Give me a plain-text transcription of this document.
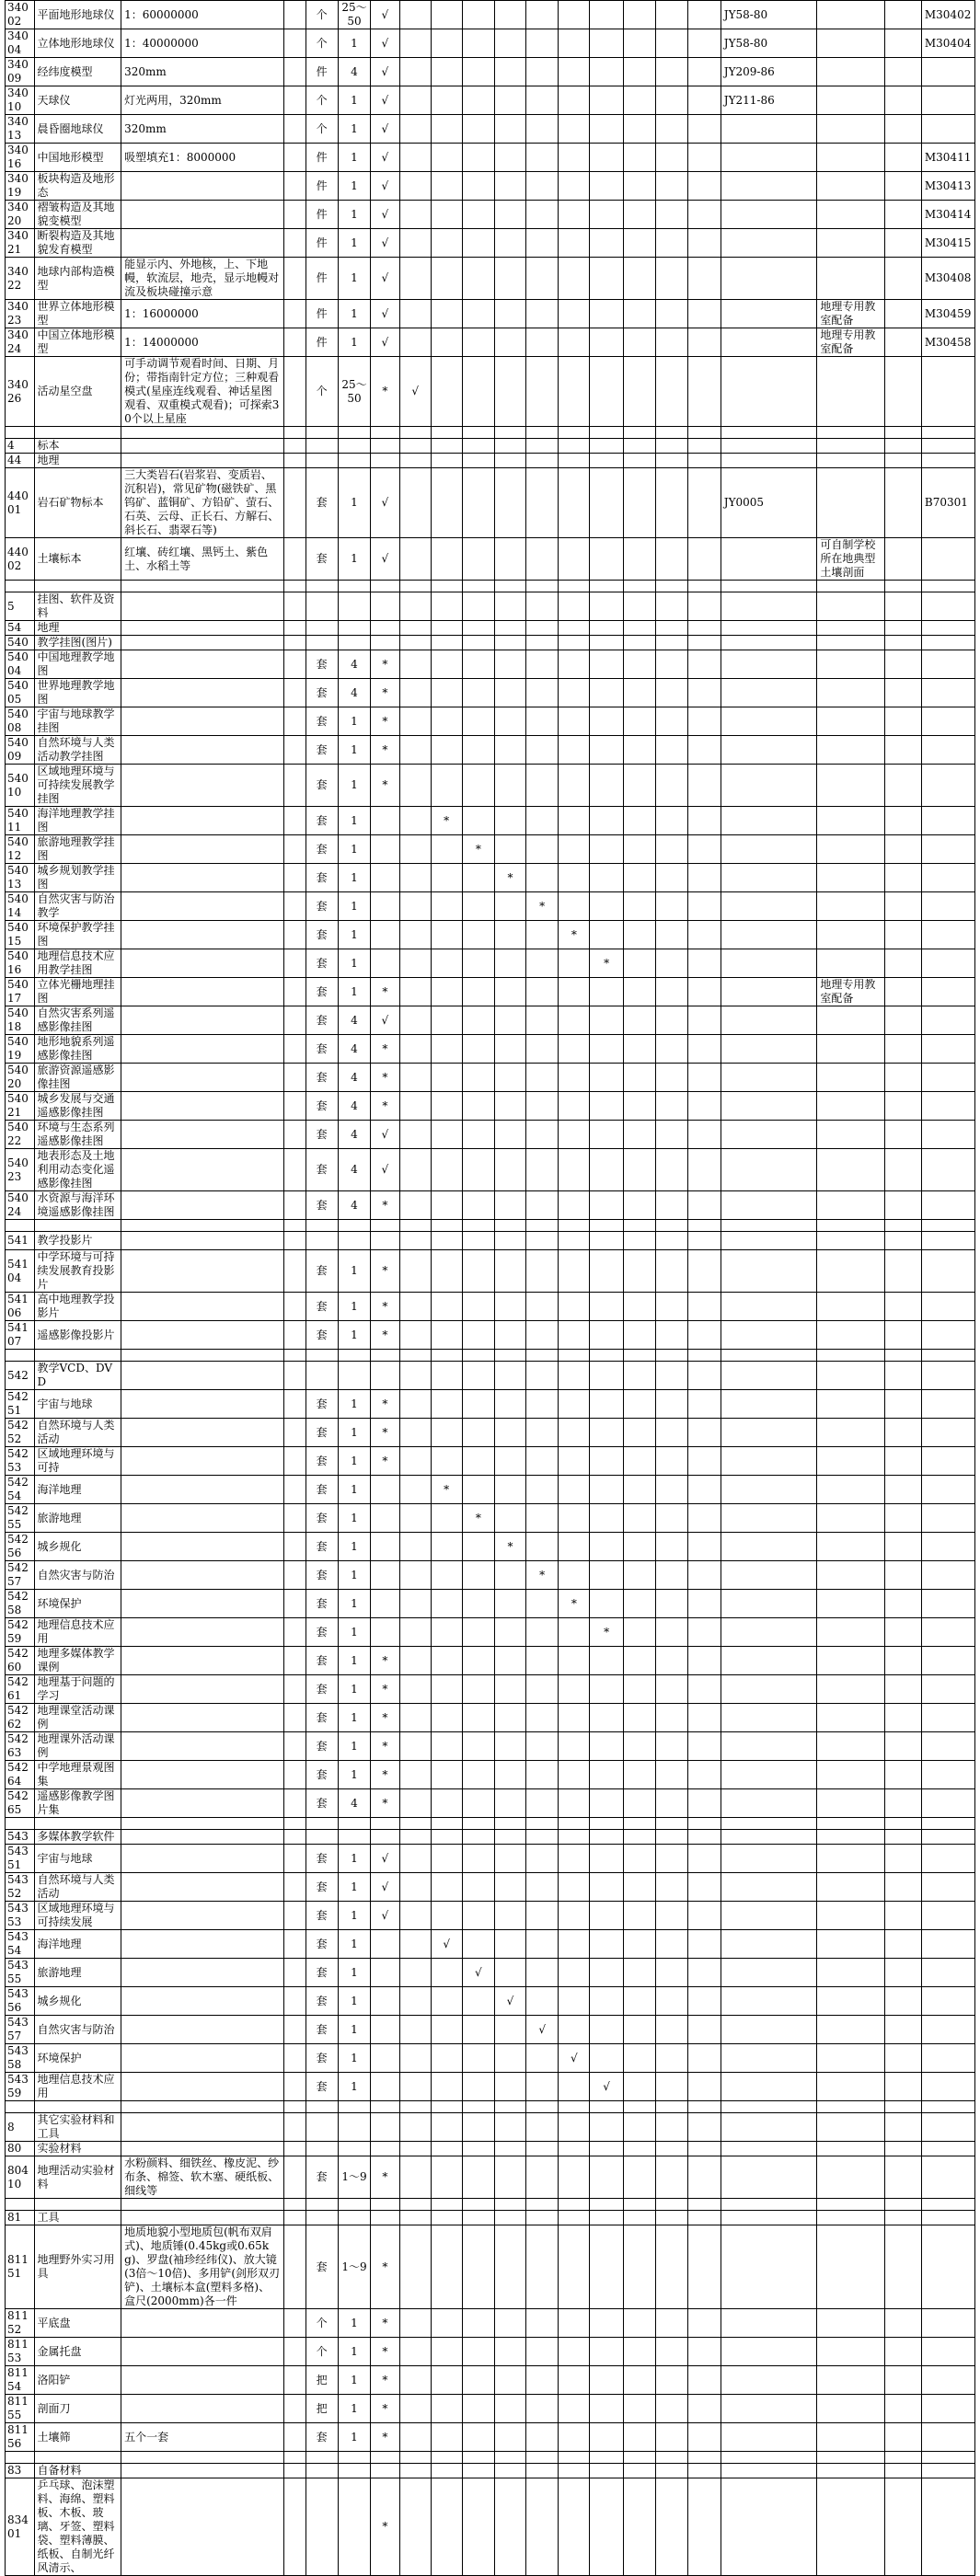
34002	平面地形地球仪	1：60000000		个	25～50	√											JY58-80			M30402
34004	立体地形地球仪	1：40000000		个	1	√											JY58-80			M30404
34009	经纬度模型	320mm		件	4	√											JY209-86			
34010	天球仪	灯光两用，320mm		个	1	√											JY211-86			
34013	晨昏圈地球仪	320mm		个	1	√														
34016	中国地形模型	吸塑填充1：8000000		件	1	√														M30411
34019	板块构造及地形态			件	1	√														M30413
34020	褶皱构造及其地貌变模型			件	1	√														M30414
34021	断裂构造及其地貌发育模型			件	1	√														M30415
34022	地球内部构造模型	能显示内、外地核，上、下地幔，软流层，地壳，显示地幔对流及板块碰撞示意		件	1	√														M30408
34023	世界立体地形模型	1：16000000		件	1	√												地理专用教室配备		M30459
34024	中国立体地形模型	1：14000000		件	1	√												地理专用教室配备		M30458
34026	活动星空盘	可手动调节观看时间、日期、月份；带指南针定方位；三种观看模式(星座连线观看、神话星图观看、双重模式观看)；可探索30个以上星座		个	25～50	*	√													

4	标本																			
44	地理																			
44001	岩石矿物标本	三大类岩石(岩浆岩、变质岩、沉积岩)，常见矿物(磁铁矿、黑钨矿、蓝铜矿、方铅矿、萤石、石英、云母、正长石、方解石、斜长石、翡翠石等)		套	1	√											JY0005			B70301
44002	土壤标本	红壤、砖红壤、黑钙土、紫色土、水稻土等		套	1	√												可自制学校所在地典型土壤剖面		

5	挂图、软件及资料																			
54	地理																			
540	教学挂图(图片)																			
54004	中国地理教学地图			套	4	*														
54005	世界地理教学地图			套	4	*														
54008	宇宙与地球教学挂图			套	1	*														
54009	自然环境与人类活动教学挂图			套	1	*														
54010	区域地理环境与可持续发展教学挂图			套	1	*														
54011	海洋地理教学挂图			套	1			*												
54012	旅游地理教学挂图			套	1				*											
54013	城乡规划教学挂图			套	1					*										
54014	自然灾害与防治教学			套	1						*									
54015	环境保护教学挂图			套	1							*								
54016	地理信息技术应用教学挂图			套	1								*							
54017	立体光栅地理挂图			套	1	*												地理专用教室配备		
54018	自然灾害系列遥感影像挂图			套	4	√														
54019	地形地貌系列遥感影像挂图			套	4	*														
54020	旅游资源遥感影像挂图			套	4	*														
54021	城乡发展与交通遥感影像挂图			套	4	*														
54022	环境与生态系列遥感影像挂图			套	4	√														
54023	地表形态及土地利用动态变化遥感影像挂图			套	4	√														
54024	水资源与海洋环境遥感影像挂图			套	4	*														

541	教学投影片																			
54104	中学环境与可持续发展教育投影片			套	1	*														
54106	高中地理教学投影片			套	1	*														
54107	遥感影像投影片			套	1	*														

542	教学VCD、DVD																			
54251	宇宙与地球			套	1	*														
54252	自然环境与人类活动			套	1	*														
54253	区域地理环境与可持			套	1	*														
54254	海洋地理			套	1			*												
54255	旅游地理			套	1				*											
54256	城乡规化			套	1					*										
54257	自然灾害与防治			套	1						*									
54258	环境保护			套	1							*								
54259	地理信息技术应用			套	1								*							
54260	地理多媒体教学课例			套	1	*														
54261	地理基于问题的学习			套	1	*														
54262	地理课堂活动课例			套	1	*														
54263	地理课外活动课例			套	1	*														
54264	中学地理景观图集			套	1	*														
54265	遥感影像教学图片集			套	4	*														

543	多媒体教学软件																			
54351	宇宙与地球			套	1	√														
54352	自然环境与人类活动			套	1	√														
54353	区域地理环境与可持续发展			套	1	√														
54354	海洋地理			套	1			√												
54355	旅游地理			套	1				√											
54356	城乡规化			套	1					√										
54357	自然灾害与防治			套	1						√									
54358	环境保护			套	1							√								
54359	地理信息技术应用			套	1								√							

8	其它实验材料和工具																			
80	实验材料																			
80410	地理活动实验材料	水粉颜料、细铁丝、橡皮泥、纱布条、棉签、软木塞、硬纸板、细线等		套	1～9	*														

81	工具																			
81151	地理野外实习用具	地质地貌小型地质包(帆布双肩式)、地质锤(0.45kg或0.65kg)、罗盘(袖珍经纬仪)、放大镜(3倍～10倍)、多用铲(剑形双刃铲)、土壤标本盒(塑料多格)、盒尺(2000mm)各一件		套	1～9	*														
81152	平底盘			个	1	*														
81153	金属托盘			个	1	*														
81154	洛阳铲			把	1	*														
81155	剖面刀			把	1	*														
81156	土壤筛	五个一套		套	1	*														

83	自备材料																			
83401	乒乓球、泡沫塑料、海绵、塑料板、木板、玻璃、牙签、塑料袋、塑料薄膜、纸板、自制光纤风清示、					*														
